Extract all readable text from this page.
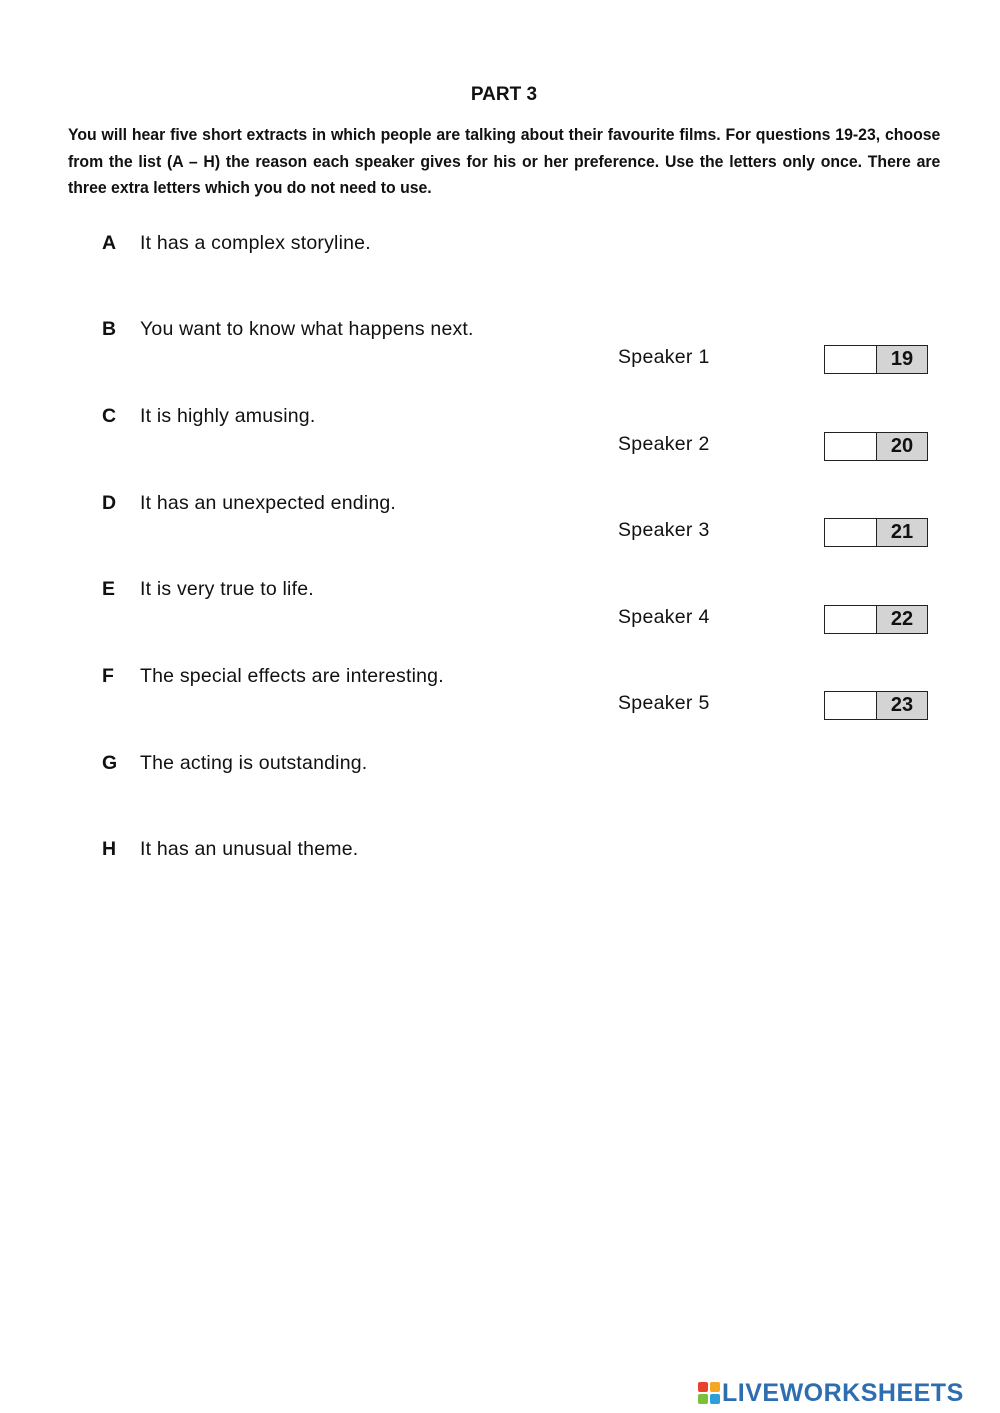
PART 3
You will hear five short extracts in which people are talking about their favourite films. For questions 19-23, choose from the list (A – H) the reason each speaker gives for his or her preference. Use the letters only once. There are three extra letters which you do not need to use.
A It has a complex storyline.
B You want to know what happens next.
C It is highly amusing.
D It has an unexpected ending.
E It is very true to life.
F The special effects are interesting.
G The acting is outstanding.
H It has an unusual theme.
Speaker 1	19
Speaker 2	20
Speaker 3	21
Speaker 4	22
Speaker 5	23
LIVEWORKSHEETS
